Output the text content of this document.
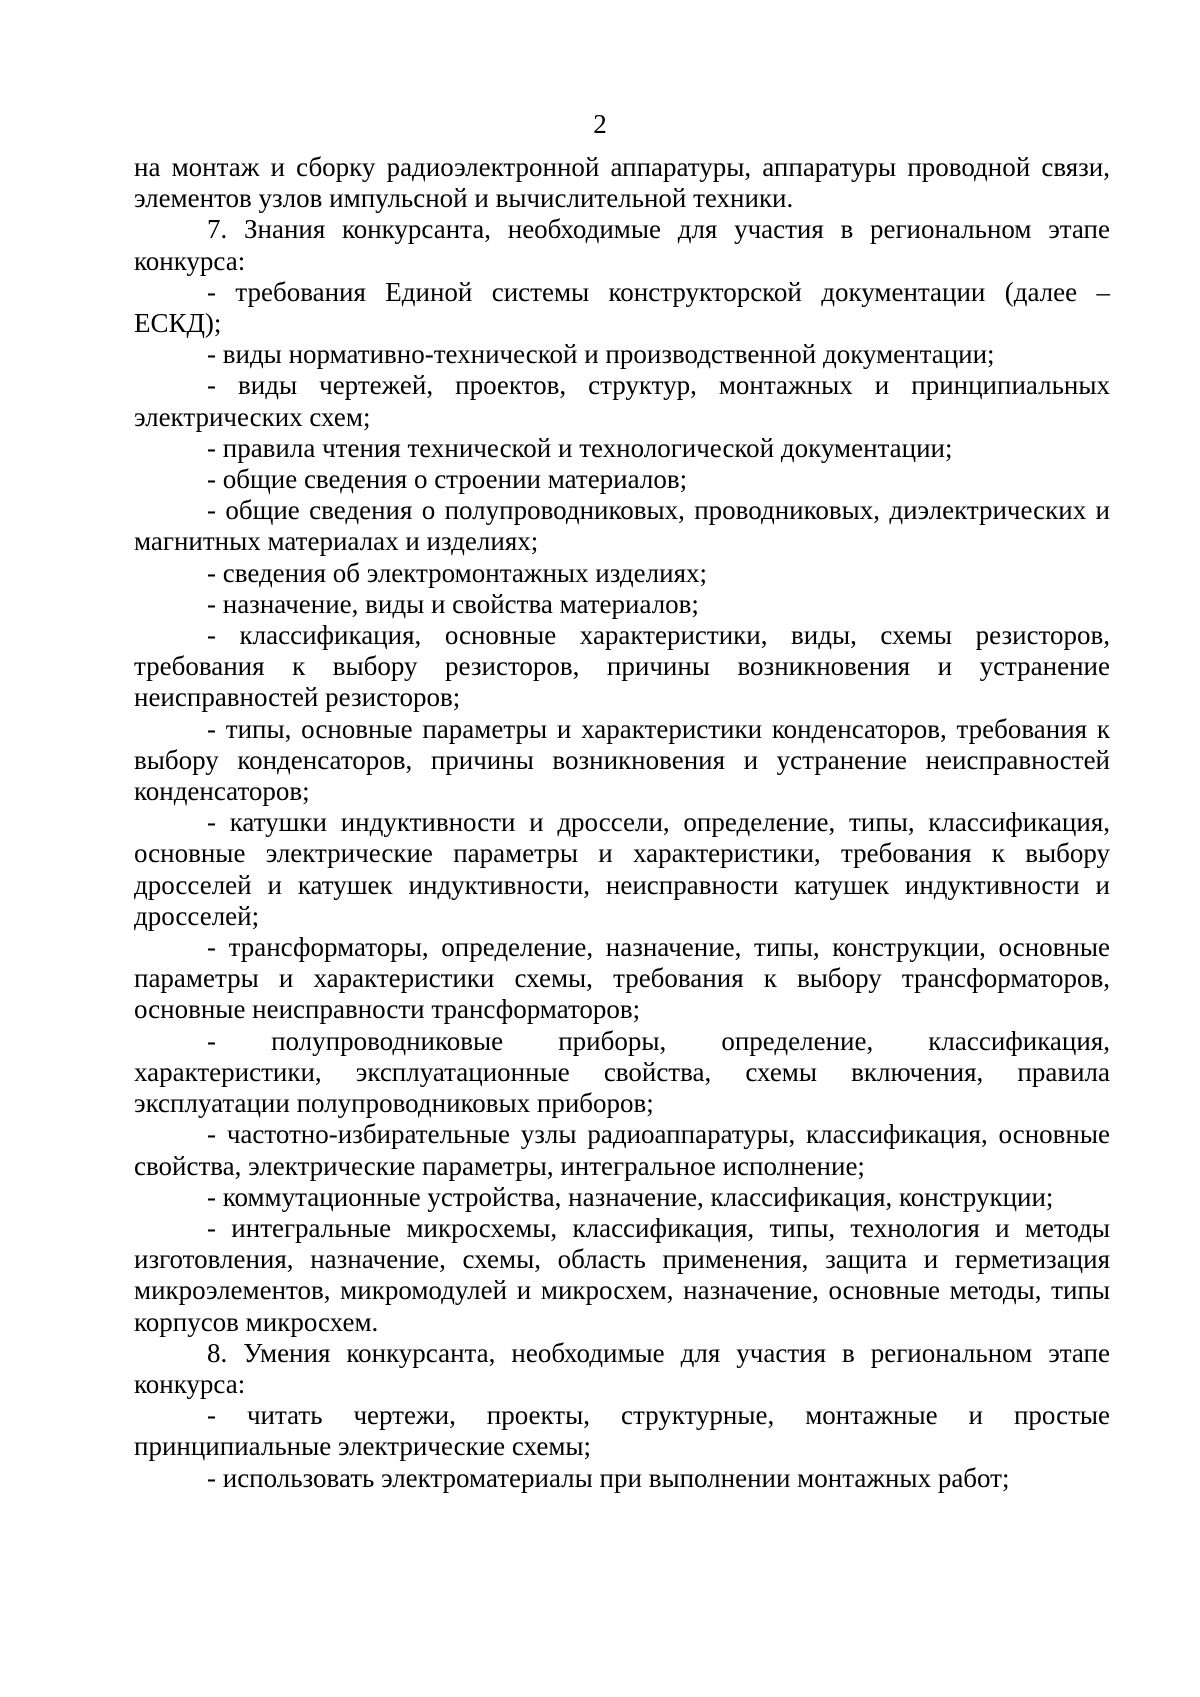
2

на монтаж и сборку радиоэлектронной аппаратуры, аппаратуры проводной связи, элементов узлов импульсной и вычислительной техники.

7. Знания конкурсанта, необходимые для участия в региональном этапе конкурса:

- требования Единой системы конструкторской документации (далее – ЕСКД);

- виды нормативно-технической и производственной документации;

- виды чертежей, проектов, структур, монтажных и принципиальных электрических схем;

- правила чтения технической и технологической документации;

- общие сведения о строении материалов;

- общие сведения о полупроводниковых, проводниковых, диэлектрических и магнитных материалах и изделиях;

- сведения об электромонтажных изделиях;

- назначение, виды и свойства материалов;

- классификация, основные характеристики, виды, схемы резисторов, требования к выбору резисторов, причины возникновения и устранение неисправностей резисторов;

- типы, основные параметры и характеристики конденсаторов, требования к выбору конденсаторов, причины возникновения и устранение неисправностей конденсаторов;

- катушки индуктивности и дроссели, определение, типы, классификация, основные электрические параметры и характеристики, требования к выбору дросселей и катушек индуктивности, неисправности катушек индуктивности и дросселей;

- трансформаторы, определение, назначение, типы, конструкции, основные параметры и характеристики схемы, требования к выбору трансформаторов, основные неисправности трансформаторов;

- полупроводниковые приборы, определение, классификация, характеристики, эксплуатационные свойства, схемы включения, правила эксплуатации полупроводниковых приборов;

- частотно-избирательные узлы радиоаппаратуры, классификация, основные свойства, электрические параметры, интегральное исполнение;

- коммутационные устройства, назначение, классификация, конструкции;

- интегральные микросхемы, классификация, типы, технология и методы изготовления, назначение, схемы, область применения, защита и герметизация микроэлементов, микромодулей и микросхем, назначение, основные методы, типы корпусов микросхем.

8. Умения конкурсанта, необходимые для участия в региональном этапе конкурса:

- читать чертежи, проекты, структурные, монтажные и простые принципиальные электрические схемы;

- использовать электроматериалы при выполнении монтажных работ;
